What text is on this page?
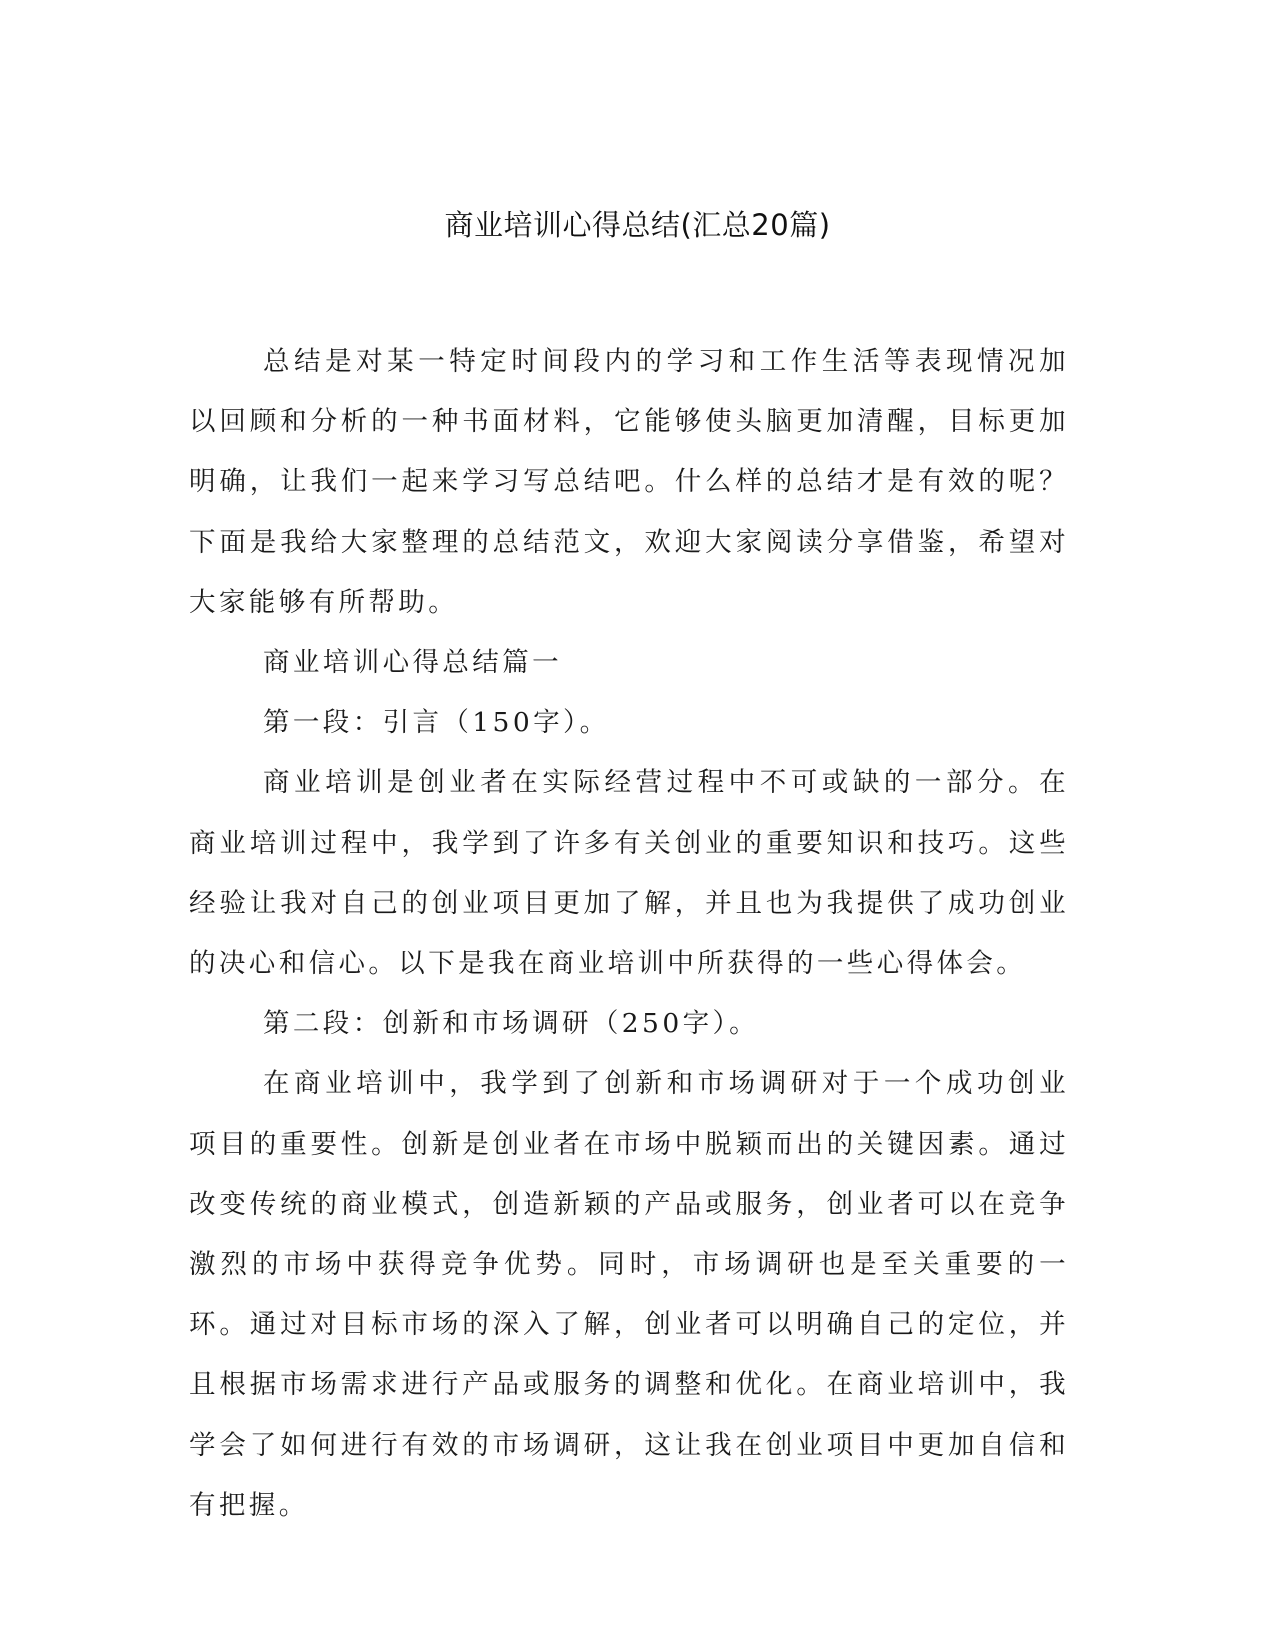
商业培训心得总结(汇总20篇)

总结是对某一特定时间段内的学习和工作生活等表现情况加以回顾和分析的一种书面材料，它能够使头脑更加清醒，目标更加明确，让我们一起来学习写总结吧。什么样的总结才是有效的呢？下面是我给大家整理的总结范文，欢迎大家阅读分享借鉴，希望对大家能够有所帮助。

商业培训心得总结篇一

第一段：引言（150字）。

商业培训是创业者在实际经营过程中不可或缺的一部分。在商业培训过程中，我学到了许多有关创业的重要知识和技巧。这些经验让我对自己的创业项目更加了解，并且也为我提供了成功创业的决心和信心。以下是我在商业培训中所获得的一些心得体会。

第二段：创新和市场调研（250字）。

在商业培训中，我学到了创新和市场调研对于一个成功创业项目的重要性。创新是创业者在市场中脱颖而出的关键因素。通过改变传统的商业模式，创造新颖的产品或服务，创业者可以在竞争激烈的市场中获得竞争优势。同时，市场调研也是至关重要的一环。通过对目标市场的深入了解，创业者可以明确自己的定位，并且根据市场需求进行产品或服务的调整和优化。在商业培训中，我学会了如何进行有效的市场调研，这让我在创业项目中更加自信和有把握。
